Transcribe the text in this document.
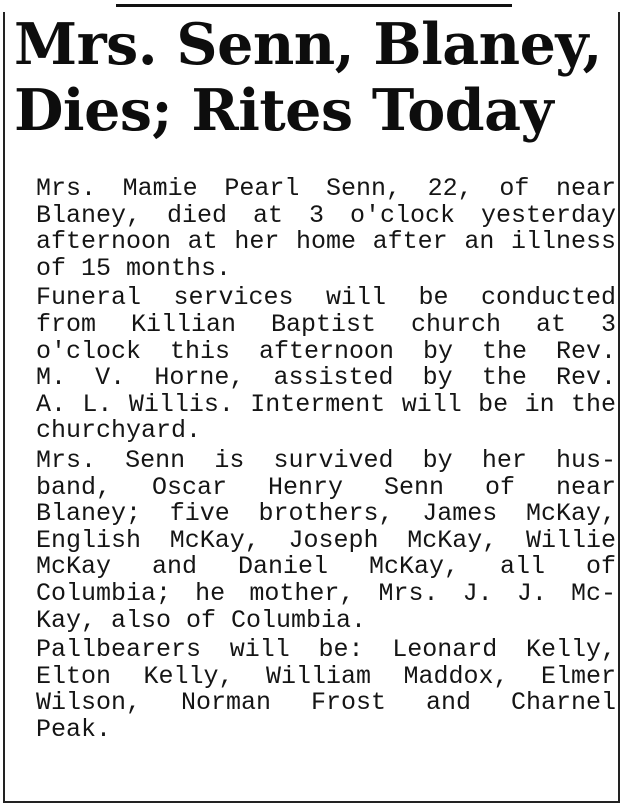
Mrs. Senn, Blaney,
Dies; Rites Today

Mrs. Mamie Pearl Senn, 22, of near
Blaney, died at 3 o'clock yesterday
afternoon at her home after an illness
of 15 months.

Funeral services will be conducted
from Killian Baptist church at 3
o'clock this afternoon by the Rev.
M. V. Horne, assisted by the Rev.
A. L. Willis. Interment will be in the
churchyard.

Mrs. Senn is survived by her hus-
band, Oscar Henry Senn of near
Blaney; five brothers, James McKay,
English McKay, Joseph McKay, Willie
McKay and Daniel McKay, all of
Columbia; he mother, Mrs. J. J. Mc-
Kay, also of Columbia.

Pallbearers will be: Leonard Kelly,
Elton Kelly, William Maddox, Elmer
Wilson, Norman Frost and Charnel
Peak.
